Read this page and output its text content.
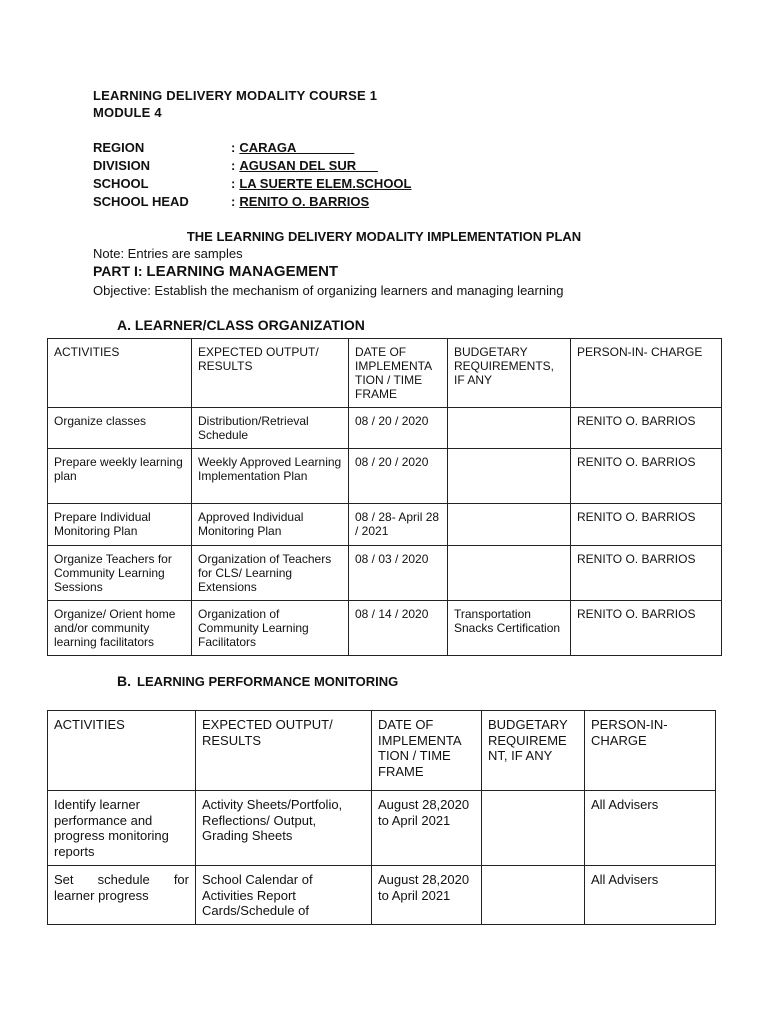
LEARNING DELIVERY MODALITY COURSE 1
MODULE 4
REGION	: CARAGA________
DIVISION	: AGUSAN DEL SUR___
SCHOOL	: LA SUERTE ELEM.SCHOOL
SCHOOL HEAD	: RENITO O. BARRIOS
THE LEARNING DELIVERY MODALITY IMPLEMENTATION PLAN
Note: Entries are samples
PART I: LEARNING MANAGEMENT
Objective: Establish the mechanism of organizing learners and managing learning
A. LEARNER/CLASS ORGANIZATION
ACTIVITIES	EXPECTED OUTPUT/ RESULTS	DATE OF IMPLEMENTA TION / TIME FRAME	BUDGETARY REQUIREMENTS, IF ANY	PERSON-IN- CHARGE
Organize classes	Distribution/Retrieval Schedule	08 / 20 / 2020		RENITO O. BARRIOS
Prepare weekly learning plan	Weekly Approved Learning Implementation Plan	08 / 20 / 2020		RENITO O. BARRIOS
Prepare Individual Monitoring Plan	Approved Individual Monitoring Plan	08 / 28- April 28 / 2021		RENITO O. BARRIOS
Organize Teachers for Community Learning Sessions	Organization of Teachers for CLS/ Learning Extensions	08 / 03 / 2020		RENITO O. BARRIOS
Organize/ Orient home and/or community learning facilitators	Organization of Community Learning Facilitators	08 / 14 / 2020	Transportation Snacks Certification	RENITO O. BARRIOS
B. LEARNING PERFORMANCE MONITORING
ACTIVITIES	EXPECTED OUTPUT/ RESULTS	DATE OF IMPLEMENTA TION / TIME FRAME	BUDGETARY REQUIREME NT, IF ANY	PERSON-IN- CHARGE
Identify learner performance and progress monitoring reports	Activity Sheets/Portfolio, Reflections/ Output, Grading Sheets	August 28,2020 to April 2021		All Advisers
Set schedule for learner progress	School Calendar of Activities Report Cards/Schedule of	August 28,2020 to April 2021		All Advisers
